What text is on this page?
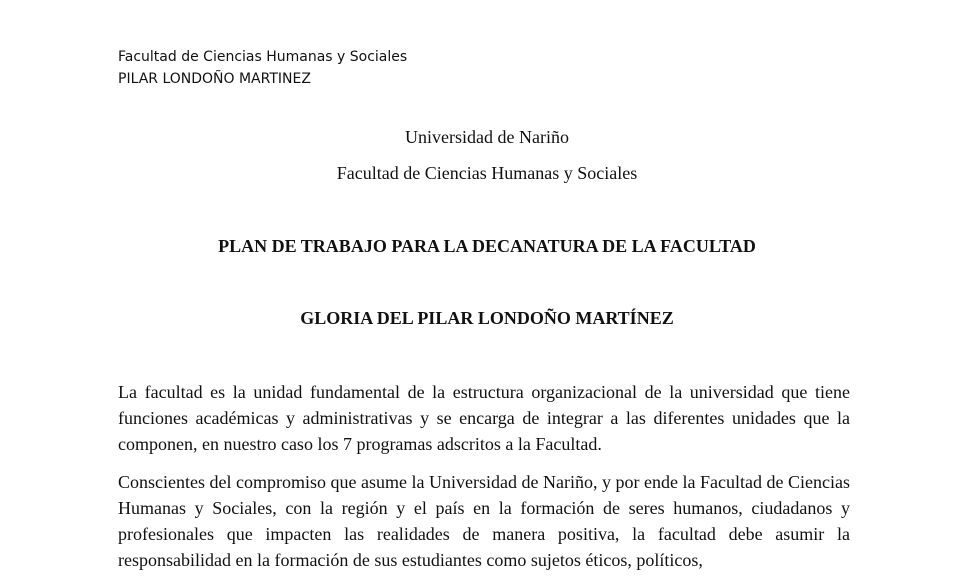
Facultad de Ciencias Humanas y Sociales
PILAR LONDOÑO MARTINEZ
Universidad de Nariño
Facultad de Ciencias Humanas y Sociales
PLAN DE TRABAJO PARA LA DECANATURA DE LA FACULTAD
GLORIA DEL PILAR LONDOÑO MARTÍNEZ

La facultad es la unidad fundamental de la estructura organizacional de la universidad que tiene funciones académicas y administrativas y se encarga de integrar a las diferentes unidades que la componen, en nuestro caso los 7 programas adscritos a la Facultad.

Conscientes del compromiso que asume la Universidad de Nariño, y por ende la Facultad de Ciencias Humanas y Sociales, con la región y el país en la formación de seres humanos, ciudadanos y profesionales que impacten las realidades de manera positiva, la facultad debe asumir la responsabilidad en la formación de sus estudiantes como sujetos éticos, políticos,
